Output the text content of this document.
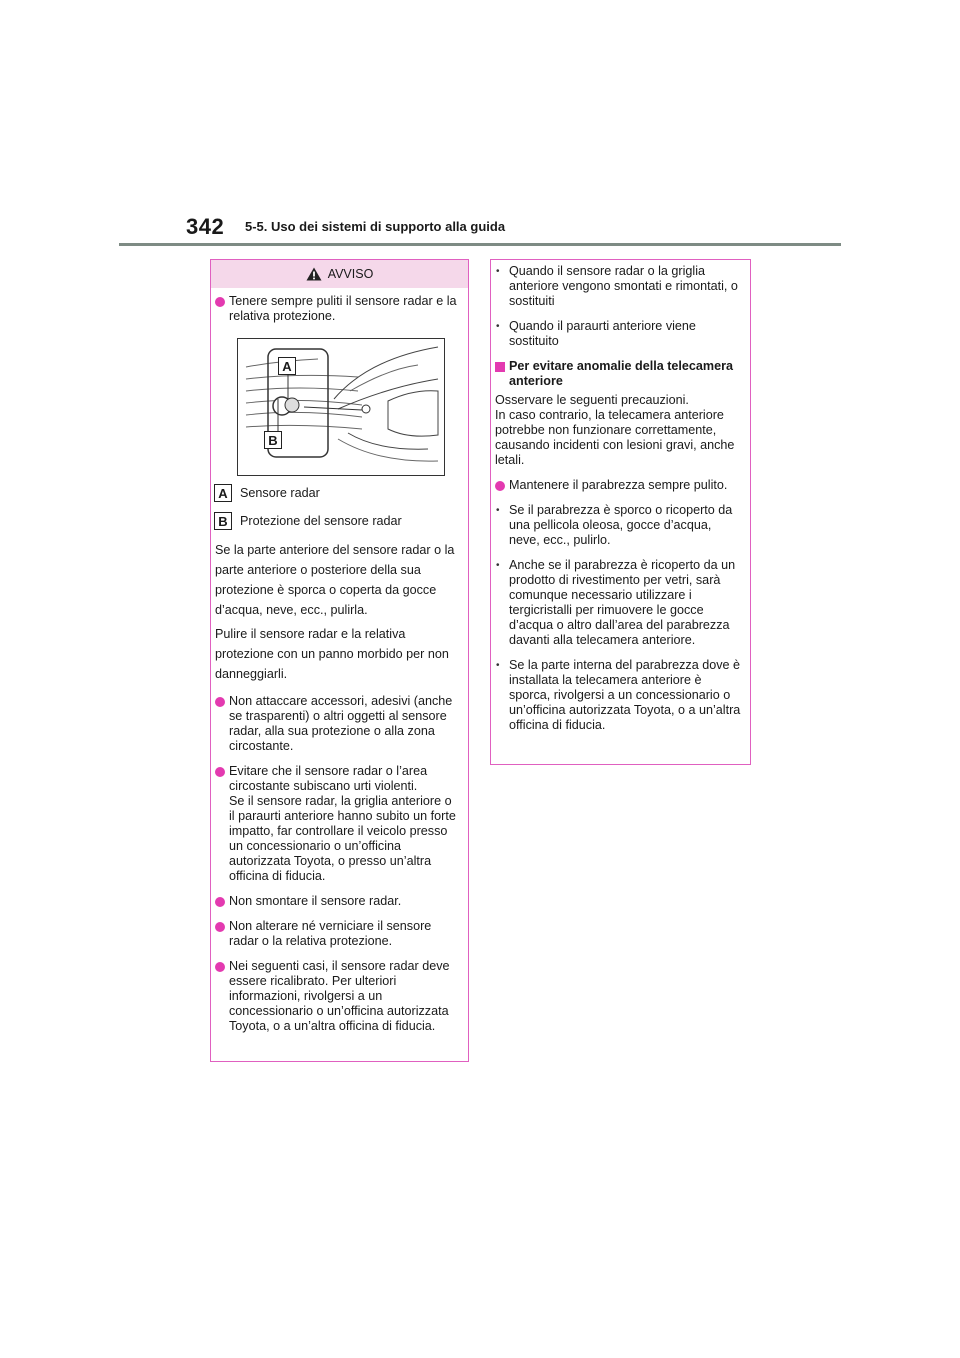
342 5-5. Uso dei sistemi di supporto alla guida
AVVISO
Tenere sempre puliti il sensore radar e la relativa protezione.
A
B
A Sensore radar
B Protezione del sensore radar
Se la parte anteriore del sensore radar o la parte anteriore o posteriore della sua protezione è sporca o coperta da gocce d’acqua, neve, ecc., pulirla.
Pulire il sensore radar e la relativa protezione con un panno morbido per non danneggiarli.
Non attaccare accessori, adesivi (anche se trasparenti) o altri oggetti al sensore radar, alla sua protezione o alla zona circostante.
Evitare che il sensore radar o l’area circostante subiscano urti violenti.
Se il sensore radar, la griglia anteriore o il paraurti anteriore hanno subito un forte impatto, far controllare il veicolo presso un concessionario o un’officina autorizzata Toyota, o presso un’altra officina di fiducia.
Non smontare il sensore radar.
Non alterare né verniciare il sensore radar o la relativa protezione.
Nei seguenti casi, il sensore radar deve essere ricalibrato. Per ulteriori informazioni, rivolgersi a un concessionario o un’officina autorizzata Toyota, o a un’altra officina di fiducia.
• Quando il sensore radar o la griglia anteriore vengono smontati e rimontati, o sostituiti
• Quando il paraurti anteriore viene sostituito
Per evitare anomalie della telecamera anteriore
Osservare le seguenti precauzioni.
In caso contrario, la telecamera anteriore potrebbe non funzionare correttamente, causando incidenti con lesioni gravi, anche letali.
Mantenere il parabrezza sempre pulito.
• Se il parabrezza è sporco o ricoperto da una pellicola oleosa, gocce d’acqua, neve, ecc., pulirlo.
• Anche se il parabrezza è ricoperto da un prodotto di rivestimento per vetri, sarà comunque necessario utilizzare i tergicristalli per rimuovere le gocce d’acqua o altro dall’area del parabrezza davanti alla telecamera anteriore.
• Se la parte interna del parabrezza dove è installata la telecamera anteriore è sporca, rivolgersi a un concessionario o un’officina autorizzata Toyota, o a un’altra officina di fiducia.
